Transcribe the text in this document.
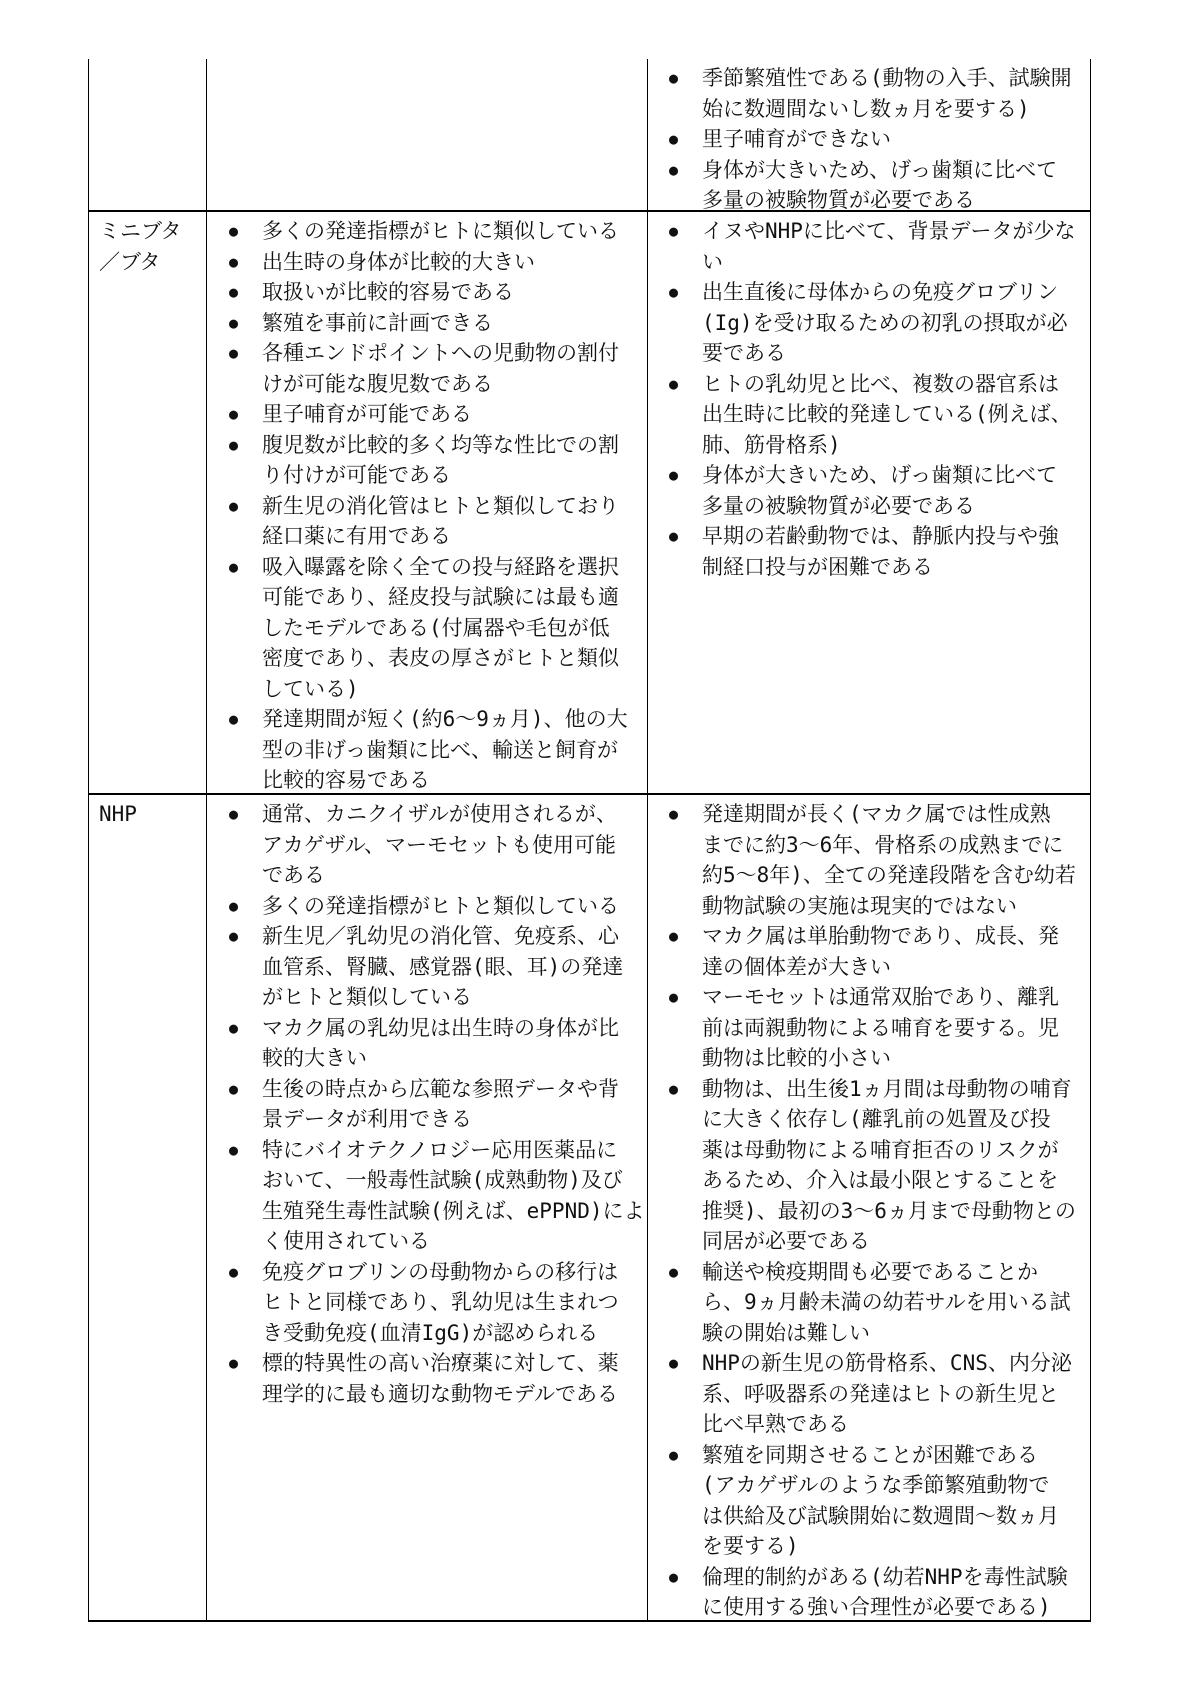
● 季節繁殖性である(動物の入手、試験開
始に数週間ないし数ヵ月を要する)
● 里子哺育ができない
● 身体が大きいため、げっ歯類に比べて
多量の被験物質が必要である
ミニブタ
／ブタ
● 多くの発達指標がヒトに類似している
● 出生時の身体が比較的大きい
● 取扱いが比較的容易である
● 繁殖を事前に計画できる
● 各種エンドポイントへの児動物の割付
けが可能な腹児数である
● 里子哺育が可能である
● 腹児数が比較的多く均等な性比での割
り付けが可能である
● 新生児の消化管はヒトと類似しており
経口薬に有用である
● 吸入曝露を除く全ての投与経路を選択
可能であり、経皮投与試験には最も適
したモデルである(付属器や毛包が低
密度であり、表皮の厚さがヒトと類似
している)
● 発達期間が短く(約6～9ヵ月)、他の大
型の非げっ歯類に比べ、輸送と飼育が
比較的容易である
● イヌやNHPに比べて、背景データが少な
い
● 出生直後に母体からの免疫グロブリン
(Ig)を受け取るための初乳の摂取が必
要である
● ヒトの乳幼児と比べ、複数の器官系は
出生時に比較的発達している(例えば、
肺、筋骨格系)
● 身体が大きいため、げっ歯類に比べて
多量の被験物質が必要である
● 早期の若齢動物では、静脈内投与や強
制経口投与が困難である
NHP	● 通常、カニクイザルが使用されるが、
アカゲザル、マーモセットも使用可能
である
● 多くの発達指標がヒトと類似している
● 新生児／乳幼児の消化管、免疫系、心
血管系、腎臓、感覚器(眼、耳)の発達
がヒトと類似している
● マカク属の乳幼児は出生時の身体が比
較的大きい
● 生後の時点から広範な参照データや背
景データが利用できる
● 特にバイオテクノロジー応用医薬品に
おいて、一般毒性試験(成熟動物)及び
生殖発生毒性試験(例えば、ePPND)によ
く使用されている
● 免疫グロブリンの母動物からの移行は
ヒトと同様であり、乳幼児は生まれつ
き受動免疫(血清IgG)が認められる
● 標的特異性の高い治療薬に対して、薬
理学的に最も適切な動物モデルである
● 発達期間が長く(マカク属では性成熟
までに約3～6年、骨格系の成熟までに
約5～8年)、全ての発達段階を含む幼若
動物試験の実施は現実的ではない
● マカク属は単胎動物であり、成長、発
達の個体差が大きい
● マーモセットは通常双胎であり、離乳
前は両親動物による哺育を要する。児
動物は比較的小さい
● 動物は、出生後1ヵ月間は母動物の哺育
に大きく依存し(離乳前の処置及び投
薬は母動物による哺育拒否のリスクが
あるため、介入は最小限とすることを
推奨)、最初の3～6ヵ月まで母動物との
同居が必要である
● 輸送や検疫期間も必要であることか
ら、9ヵ月齢未満の幼若サルを用いる試
験の開始は難しい
● NHPの新生児の筋骨格系、CNS、内分泌
系、呼吸器系の発達はヒトの新生児と
比べ早熟である
● 繁殖を同期させることが困難である
(アカゲザルのような季節繁殖動物で
は供給及び試験開始に数週間～数ヵ月
を要する)
● 倫理的制約がある(幼若NHPを毒性試験
に使用する強い合理性が必要である)
